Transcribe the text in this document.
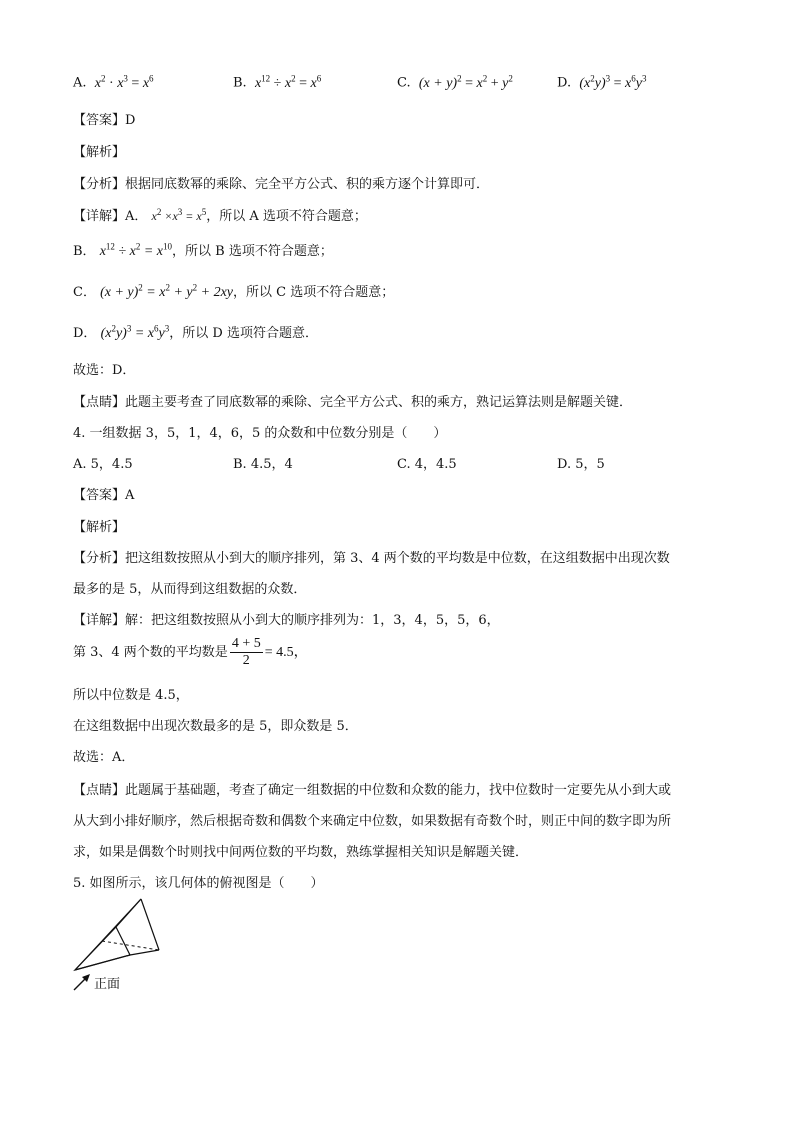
A. $x^2 \cdot x^3 = x^6$	B. $x^{12} \div x^2 = x^6$	C. $(x + y)^2 = x^2 + y^2$	D. $(x^2y)^3 = x^6y^3$
【答案】D
【解析】
【分析】根据同底数幂的乘除、完全平方公式、积的乘方逐个计算即可．
【详解】A． $x^2 \times x^3 = x^5$，所以 A 选项不符合题意；
B． $x^{12} \div x^2 = x^{10}$，所以 B 选项不符合题意；
C． $(x + y)^2 = x^2 + y^2 + 2xy$，所以 C 选项不符合题意；
D． $(x^2y)^3 = x^6y^3$，所以 D 选项符合题意．
故选：D．
【点睛】此题主要考查了同底数幂的乘除、完全平方公式、积的乘方，熟记运算法则是解题关键．
4. 一组数据 3，5，1，4，6，5 的众数和中位数分别是（　　）
A. 5，4.5	B. 4.5，4	C. 4，4.5	D. 5，5
【答案】A
【解析】
【分析】把这组数按照从小到大的顺序排列，第 3、4 两个数的平均数是中位数，在这组数据中出现次数
最多的是 5，从而得到这组数据的众数．
【详解】解：把这组数按照从小到大的顺序排列为：1，3，4，5，5，6，
第 3、4 两个数的平均数是 $\frac{4 + 5}{2} = 4.5$，
所以中位数是 4.5，
在这组数据中出现次数最多的是 5，即众数是 5．
故选：A．
【点睛】此题属于基础题，考查了确定一组数据的中位数和众数的能力，找中位数时一定要先从小到大或
从大到小排好顺序，然后根据奇数和偶数个来确定中位数，如果数据有奇数个时，则正中间的数字即为所
求，如果是偶数个时则找中间两位数的平均数，熟练掌握相关知识是解题关键．
5. 如图所示，该几何体的俯视图是（　　）
正面
